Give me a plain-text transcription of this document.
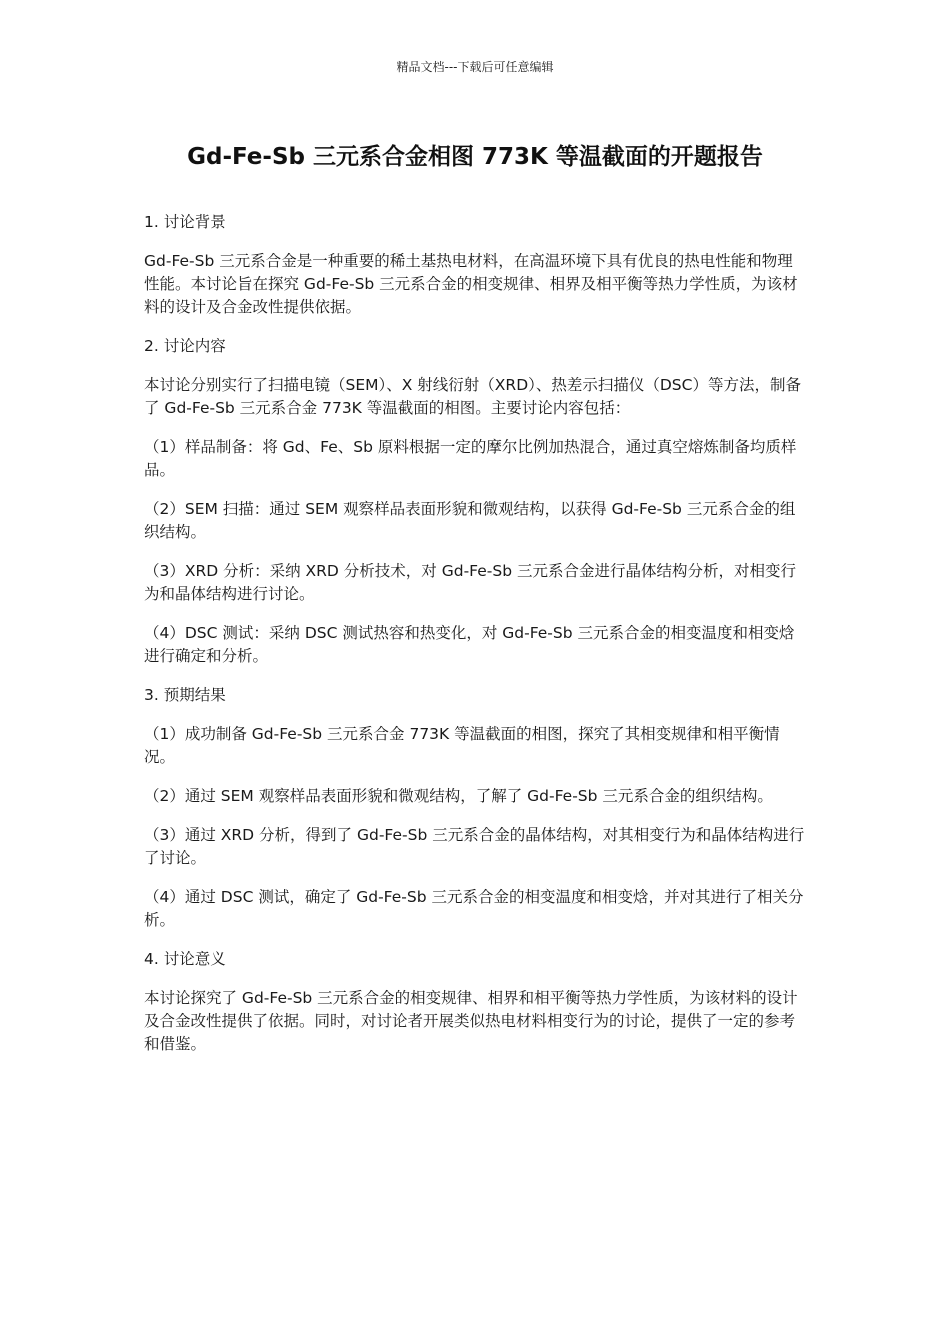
精品文档---下载后可任意编辑
Gd-Fe-Sb 三元系合金相图 773K 等温截面的开题报告

1. 讨论背景

Gd-Fe-Sb 三元系合金是一种重要的稀土基热电材料，在高温环境下具有优良的热电性能和物理性能。本讨论旨在探究 Gd-Fe-Sb 三元系合金的相变规律、相界及相平衡等热力学性质，为该材料的设计及合金改性提供依据。

2. 讨论内容

本讨论分别实行了扫描电镜（SEM）、X 射线衍射（XRD）、热差示扫描仪（DSC）等方法，制备了 Gd-Fe-Sb 三元系合金 773K 等温截面的相图。主要讨论内容包括：

（1）样品制备：将 Gd、Fe、Sb 原料根据一定的摩尔比例加热混合，通过真空熔炼制备均质样品。

（2）SEM 扫描：通过 SEM 观察样品表面形貌和微观结构，以获得 Gd-Fe-Sb 三元系合金的组织结构。

（3）XRD 分析：采纳 XRD 分析技术，对 Gd-Fe-Sb 三元系合金进行晶体结构分析，对相变行为和晶体结构进行讨论。

（4）DSC 测试：采纳 DSC 测试热容和热变化，对 Gd-Fe-Sb 三元系合金的相变温度和相变焓进行确定和分析。

3. 预期结果

（1）成功制备 Gd-Fe-Sb 三元系合金 773K 等温截面的相图，探究了其相变规律和相平衡情况。

（2）通过 SEM 观察样品表面形貌和微观结构，了解了 Gd-Fe-Sb 三元系合金的组织结构。

（3）通过 XRD 分析，得到了 Gd-Fe-Sb 三元系合金的晶体结构，对其相变行为和晶体结构进行了讨论。

（4）通过 DSC 测试，确定了 Gd-Fe-Sb 三元系合金的相变温度和相变焓，并对其进行了相关分析。

4. 讨论意义

本讨论探究了 Gd-Fe-Sb 三元系合金的相变规律、相界和相平衡等热力学性质，为该材料的设计及合金改性提供了依据。同时，对讨论者开展类似热电材料相变行为的讨论，提供了一定的参考和借鉴。
